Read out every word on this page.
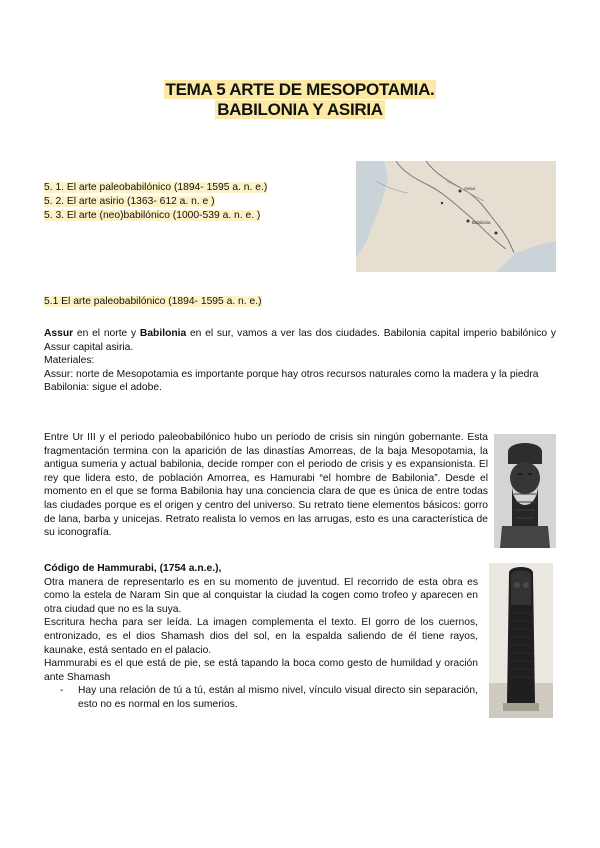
TEMA 5 ARTE DE MESOPOTAMIA.
BABILONIA Y ASIRIA
5. 1. El arte paleobabilónico (1894- 1595 a. n. e.)
5. 2. El arte asirio (1363- 612 a. n. e )
5. 3. El arte (neo)babilónico (1000-539 a. n. e. )
Assur
Babilonia
5.1 El arte paleobabilónico (1894- 1595 a. n. e.)
Assur en el norte y Babilonia en el sur, vamos a ver las dos ciudades. Babilonia capital imperio babilónico y Assur capital asiria.
Materiales:
Assur: norte de Mesopotamia es importante porque hay otros recursos naturales como la madera y la piedra
Babilonia: sigue el adobe.
Entre Ur III y el periodo paleobabilónico hubo un periodo de crisis sin ningún gobernante. Esta fragmentación termina con la aparición de las dinastías Amorreas, de la baja Mesopotamia, la antigua sumeria y actual babilonia, decide romper con el periodo de crisis y es expansionista. El rey que lidera esto, de población Amorrea, es Hamurabi “el hombre de Babilonia”. Desde el momento en el que se forma Babilonia hay una conciencia clara de que es única de entre todas las ciudades porque es el origen y centro del universo. Su retrato tiene elementos básicos: gorro de lana, barba y unicejas. Retrato realista lo vemos en las arrugas, esto es una característica de su iconografía.
Código de Hammurabi, (1754 a.n.e.),
Otra manera de representarlo es en su momento de juventud. El recorrido de esta obra es como la estela de Naram Sin que al conquistar la ciudad la cogen como trofeo y aparecen en otra ciudad que no es la suya.
Escritura hecha para ser leída. La imagen complementa el texto. El gorro de los cuernos, entronizado, es el dios Shamash dios del sol, en la espalda saliendo de él tiene rayos, kaunake, está sentado en el palacio.
Hammurabi es el que está de pie, se está tapando la boca como gesto de humildad y oración ante Shamash
- Hay una relación de tú a tú, están al mismo nivel, vínculo visual directo sin separación, esto no es normal en los sumerios.
